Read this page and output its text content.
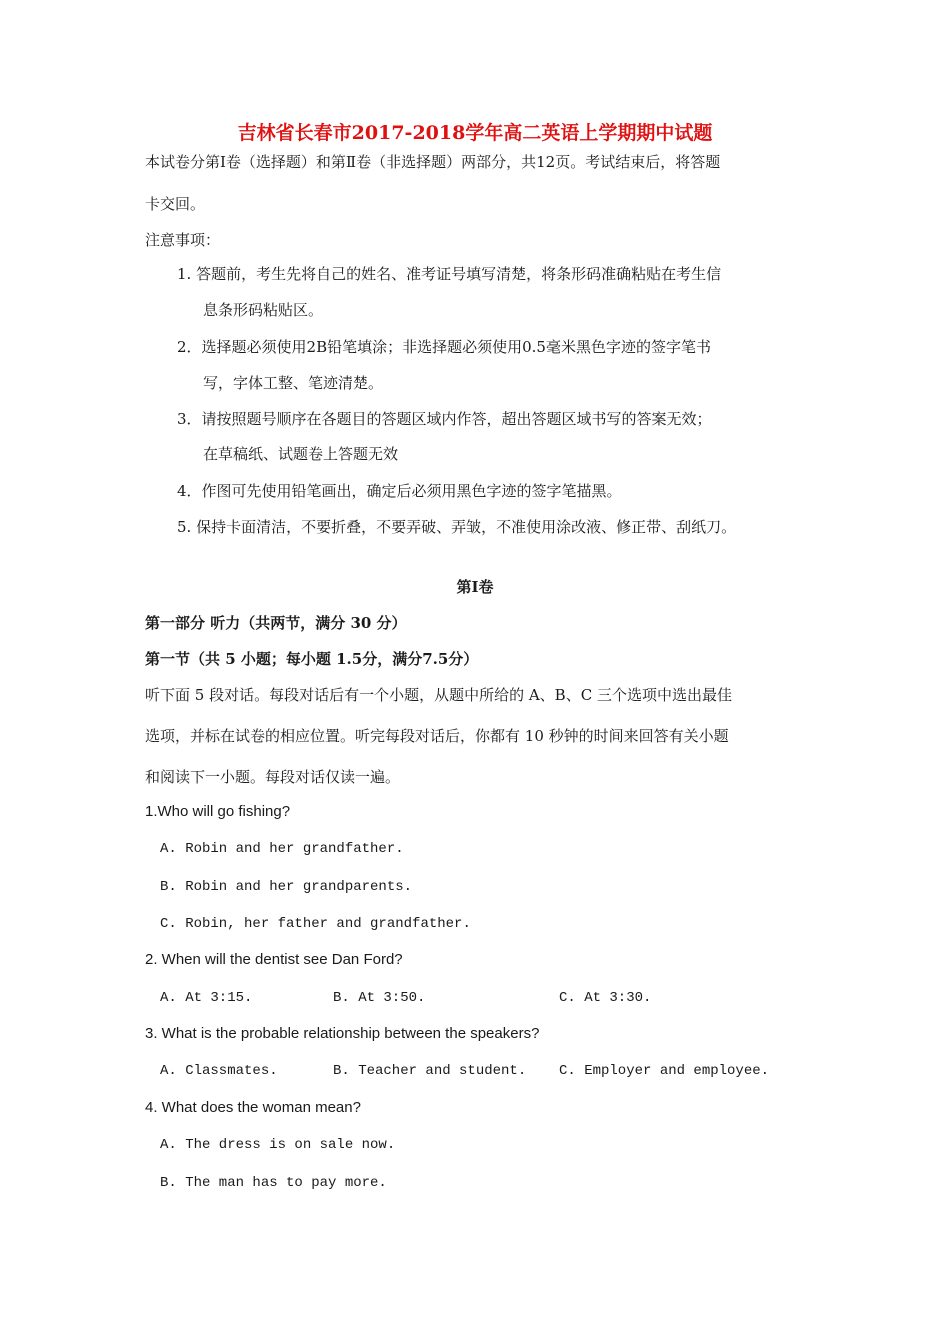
吉林省长春市2017-2018学年高二英语上学期期中试题
本试卷分第Ⅰ卷（选择题）和第Ⅱ卷（非选择题）两部分，共12页。考试结束后，将答题
卡交回。
注意事项：
1. 答题前，考生先将自己的姓名、准考证号填写清楚，将条形码准确粘贴在考生信
息条形码粘贴区。
2．选择题必须使用2B铅笔填涂；非选择题必须使用0.5毫米黑色字迹的签字笔书
写，字体工整、笔迹清楚。
3．请按照题号顺序在各题目的答题区域内作答，超出答题区域书写的答案无效；
在草稿纸、试题卷上答题无效
4．作图可先使用铅笔画出，确定后必须用黑色字迹的签字笔描黑。
5. 保持卡面清洁，不要折叠，不要弄破、弄皱，不准使用涂改液、修正带、刮纸刀。
第Ⅰ卷
第一部分 听力（共两节，满分 30 分）
第一节（共 5 小题；每小题 1.5分，满分7.5分）
听下面 5 段对话。每段对话后有一个小题，从题中所给的 A、B、C 三个选项中选出最佳
选项，并标在试卷的相应位置。听完每段对话后，你都有 10 秒钟的时间来回答有关小题
和阅读下一小题。每段对话仅读一遍。
1.Who will go fishing?
A. Robin and her grandfather.
B. Robin and her grandparents.
C. Robin, her father and grandfather.
2. When will the dentist see Dan Ford?
A. At 3:15.	B. At 3:50.	C. At 3:30.
3. What is the probable relationship between the speakers?
A. Classmates.	B. Teacher and student. C. Employer and employee.
4. What does the woman mean?
A. The dress is on sale now.
B. The man has to pay more.
